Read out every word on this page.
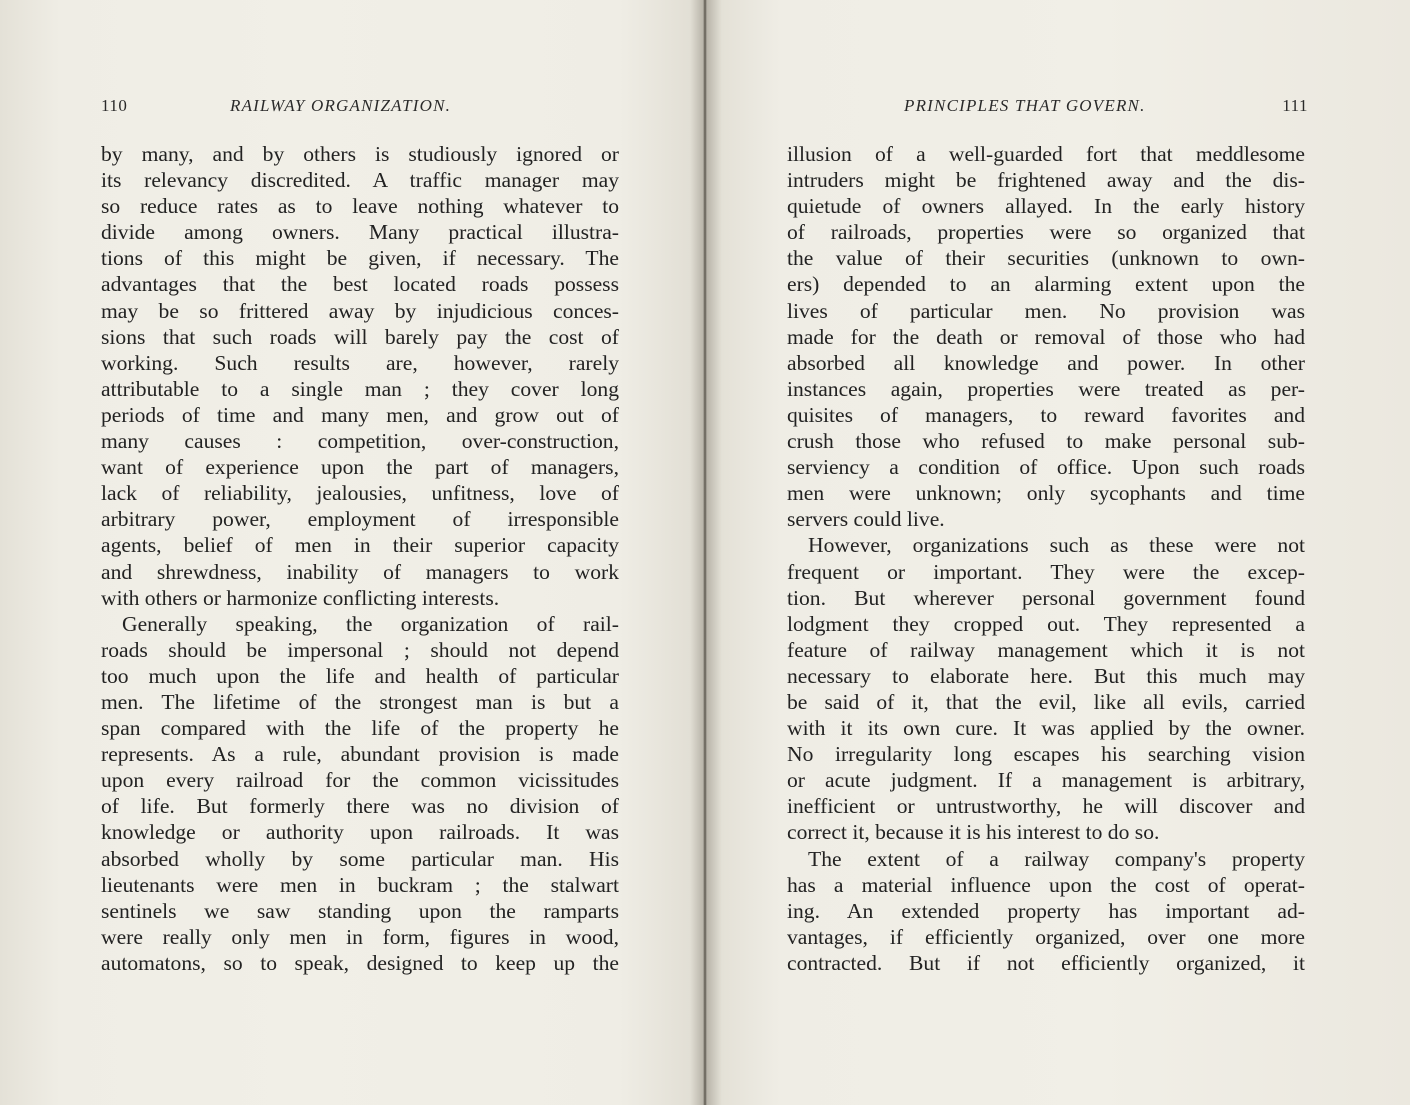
110	RAILWAY ORGANIZATION.
by many, and by others is studiously ignored or
its relevancy discredited. A traffic manager may
so reduce rates as to leave nothing whatever to
divide among owners. Many practical illustra-
tions of this might be given, if necessary. The
advantages that the best located roads possess
may be so frittered away by injudicious conces-
sions that such roads will barely pay the cost of
working. Such results are, however, rarely
attributable to a single man ; they cover long
periods of time and many men, and grow out of
many causes : competition, over-construction,
want of experience upon the part of managers,
lack of reliability, jealousies, unfitness, love of
arbitrary power, employment of irresponsible
agents, belief of men in their superior capacity
and shrewdness, inability of managers to work
with others or harmonize conflicting interests.
Generally speaking, the organization of rail-
roads should be impersonal ; should not depend
too much upon the life and health of particular
men. The lifetime of the strongest man is but a
span compared with the life of the property he
represents. As a rule, abundant provision is made
upon every railroad for the common vicissitudes
of life. But formerly there was no division of
knowledge or authority upon railroads. It was
absorbed wholly by some particular man. His
lieutenants were men in buckram ; the stalwart
sentinels we saw standing upon the ramparts
were really only men in form, figures in wood,
automatons, so to speak, designed to keep up the
PRINCIPLES THAT GOVERN.	111
illusion of a well-guarded fort that meddlesome
intruders might be frightened away and the dis-
quietude of owners allayed. In the early history
of railroads, properties were so organized that
the value of their securities (unknown to own-
ers) depended to an alarming extent upon the
lives of particular men. No provision was
made for the death or removal of those who had
absorbed all knowledge and power. In other
instances again, properties were treated as per-
quisites of managers, to reward favorites and
crush those who refused to make personal sub-
serviency a condition of office. Upon such roads
men were unknown; only sycophants and time
servers could live.
However, organizations such as these were not
frequent or important. They were the excep-
tion. But wherever personal government found
lodgment they cropped out. They represented a
feature of railway management which it is not
necessary to elaborate here. But this much may
be said of it, that the evil, like all evils, carried
with it its own cure. It was applied by the owner.
No irregularity long escapes his searching vision
or acute judgment. If a management is arbitrary,
inefficient or untrustworthy, he will discover and
correct it, because it is his interest to do so.
The extent of a railway company's property
has a material influence upon the cost of operat-
ing. An extended property has important ad-
vantages, if efficiently organized, over one more
contracted. But if not efficiently organized, it
